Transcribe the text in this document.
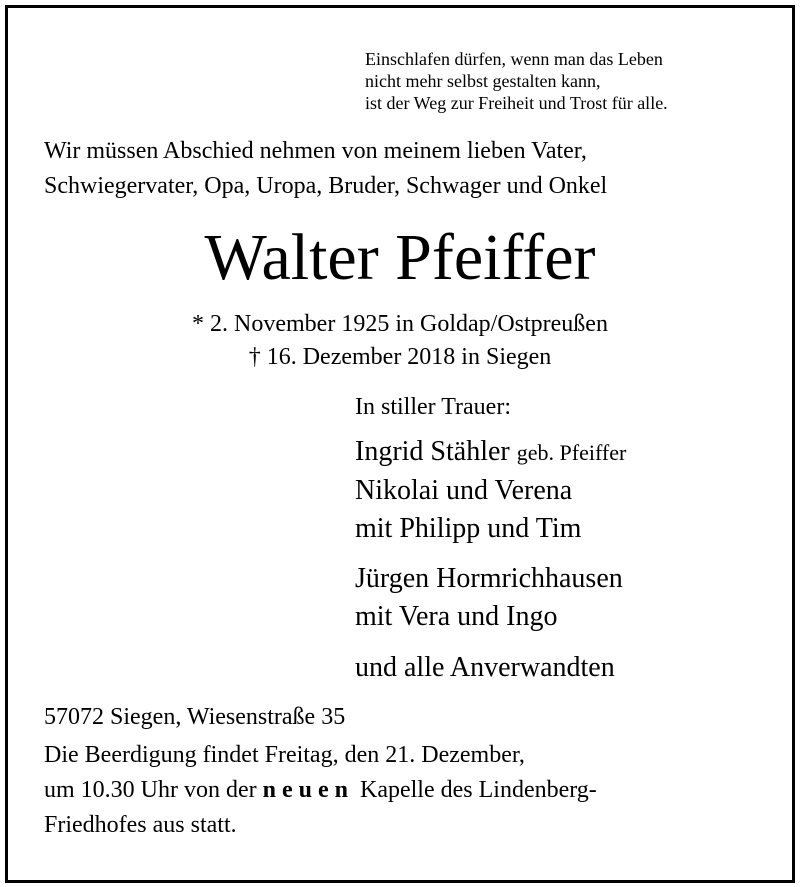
Einschlafen dürfen, wenn man das Leben
nicht mehr selbst gestalten kann,
ist der Weg zur Freiheit und Trost für alle.
Wir müssen Abschied nehmen von meinem lieben Vater,
Schwiegervater, Opa, Uropa, Bruder, Schwager und Onkel
Walter Pfeiffer
* 2. November 1925 in Goldap/Ostpreußen
† 16. Dezember 2018 in Siegen
In stiller Trauer:
Ingrid Stähler geb. Pfeiffer
Nikolai und Verena
mit Philipp und Tim
Jürgen Hormrichhausen
mit Vera und Ingo
und alle Anverwandten
57072 Siegen, Wiesenstraße 35
Die Beerdigung findet Freitag, den 21. Dezember,
um 10.30 Uhr von der neuen Kapelle des Lindenberg-
Friedhofes aus statt.
